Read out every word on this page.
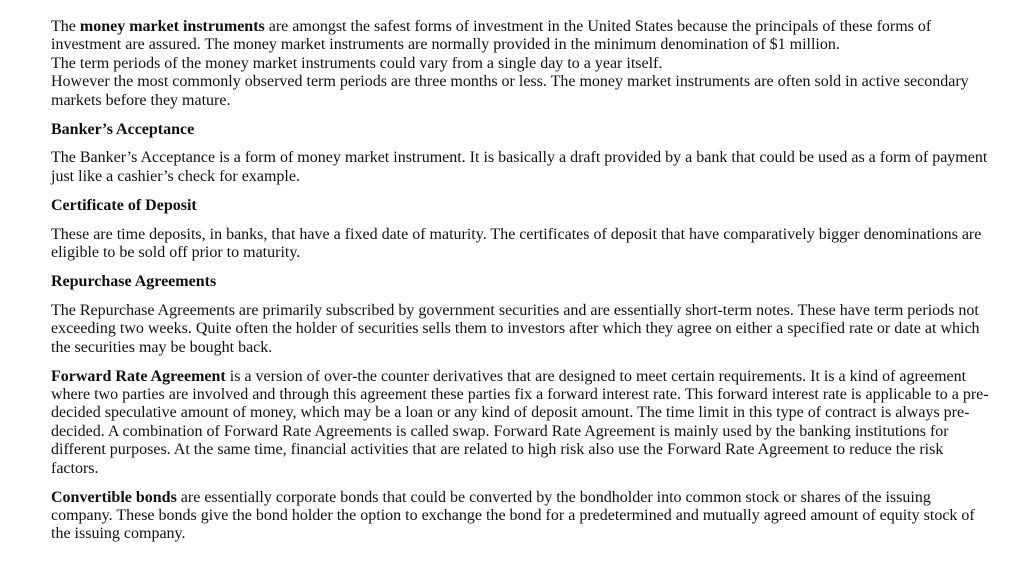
The money market instruments are amongst the safest forms of investment in the United States because the principals of these forms of investment are assured. The money market instruments are normally provided in the minimum denomination of $1 million.
The term periods of the money market instruments could vary from a single day to a year itself.
However the most commonly observed term periods are three months or less. The money market instruments are often sold in active secondary markets before they mature.
Banker’s Acceptance
The Banker’s Acceptance is a form of money market instrument. It is basically a draft provided by a bank that could be used as a form of payment just like a cashier’s check for example.
Certificate of Deposit
These are time deposits, in banks, that have a fixed date of maturity. The certificates of deposit that have comparatively bigger denominations are eligible to be sold off prior to maturity.
Repurchase Agreements
The Repurchase Agreements are primarily subscribed by government securities and are essentially short-term notes. These have term periods not exceeding two weeks. Quite often the holder of securities sells them to investors after which they agree on either a specified rate or date at which the securities may be bought back.
Forward Rate Agreement is a version of over-the counter derivatives that are designed to meet certain requirements. It is a kind of agreement where two parties are involved and through this agreement these parties fix a forward interest rate. This forward interest rate is applicable to a pre-decided speculative amount of money, which may be a loan or any kind of deposit amount. The time limit in this type of contract is always pre-decided. A combination of Forward Rate Agreements is called swap. Forward Rate Agreement is mainly used by the banking institutions for different purposes. At the same time, financial activities that are related to high risk also use the Forward Rate Agreement to reduce the risk factors.
Convertible bonds are essentially corporate bonds that could be converted by the bondholder into common stock or shares of the issuing company. These bonds give the bond holder the option to exchange the bond for a predetermined and mutually agreed amount of equity stock of the issuing company.
